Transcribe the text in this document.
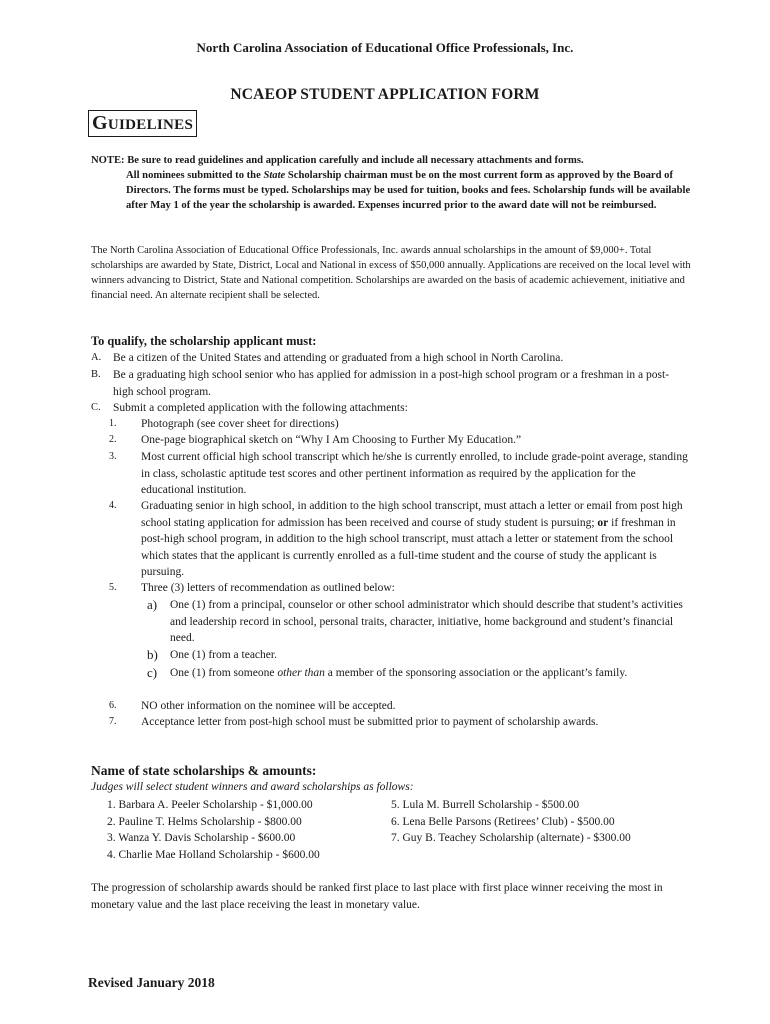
North Carolina Association of Educational Office Professionals, Inc.
NCAEOP STUDENT APPLICATION FORM
GUIDELINES
NOTE: Be sure to read guidelines and application carefully and include all necessary attachments and forms.
All nominees submitted to the State Scholarship chairman must be on the most current form as approved by the Board of Directors. The forms must be typed. Scholarships may be used for tuition, books and fees. Scholarship funds will be available after May 1 of the year the scholarship is awarded. Expenses incurred prior to the award date will not be reimbursed.
The North Carolina Association of Educational Office Professionals, Inc. awards annual scholarships in the amount of $9,000+. Total scholarships are awarded by State, District, Local and National in excess of $50,000 annually. Applications are received on the local level with winners advancing to District, State and National competition. Scholarships are awarded on the basis of academic achievement, initiative and financial need. An alternate recipient shall be selected.
To qualify, the scholarship applicant must:
A. Be a citizen of the United States and attending or graduated from a high school in North Carolina.
B. Be a graduating high school senior who has applied for admission in a post-high school program or a freshman in a post-high school program.
C. Submit a completed application with the following attachments:
1. Photograph (see cover sheet for directions)
2. One-page biographical sketch on “Why I Am Choosing to Further My Education.”
3. Most current official high school transcript which he/she is currently enrolled, to include grade-point average, standing in class, scholastic aptitude test scores and other pertinent information as required by the application for the educational institution.
4. Graduating senior in high school, in addition to the high school transcript, must attach a letter or email from post high school stating application for admission has been received and course of study student is pursuing; or if freshman in post-high school program, in addition to the high school transcript, must attach a letter or statement from the school which states that the applicant is currently enrolled as a full-time student and the course of study the applicant is pursuing.
5. Three (3) letters of recommendation as outlined below:
a) One (1) from a principal, counselor or other school administrator which should describe that student’s activities and leadership record in school, personal traits, character, initiative, home background and student’s financial need.
b) One (1) from a teacher.
c) One (1) from someone other than a member of the sponsoring association or the applicant’s family.
6. NO other information on the nominee will be accepted.
7. Acceptance letter from post-high school must be submitted prior to payment of scholarship awards.
Name of state scholarships & amounts:
Judges will select student winners and award scholarships as follows:
1. Barbara A. Peeler Scholarship - $1,000.00
2. Pauline T. Helms Scholarship - $800.00
3. Wanza Y. Davis Scholarship - $600.00
4. Charlie Mae Holland Scholarship - $600.00
5. Lula M. Burrell Scholarship - $500.00
6. Lena Belle Parsons (Retirees’ Club) - $500.00
7. Guy B. Teachey Scholarship (alternate) - $300.00
The progression of scholarship awards should be ranked first place to last place with first place winner receiving the most in monetary value and the last place receiving the least in monetary value.
Revised January 2018
